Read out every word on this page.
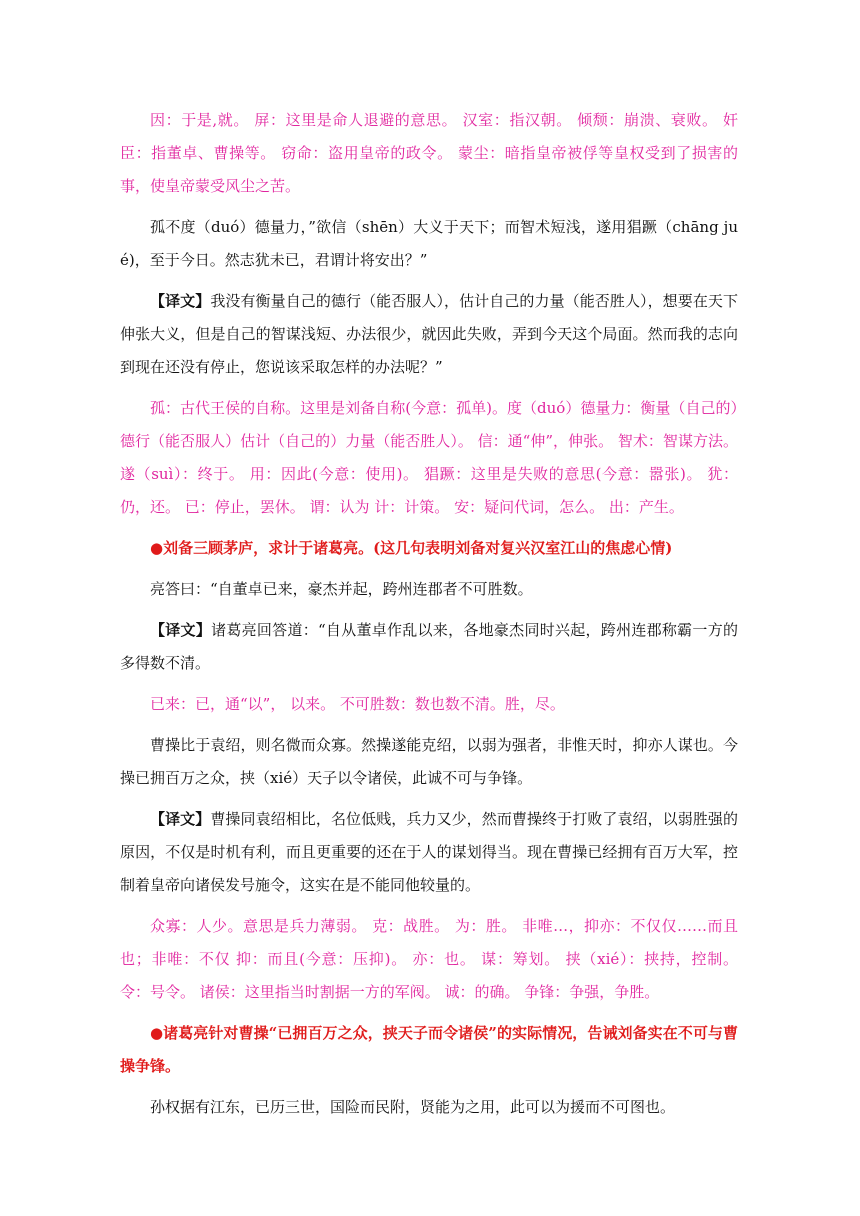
因：于是,就。 屏：这里是命人退避的意思。 汉室：指汉朝。 倾颓：崩溃、衰败。 奸臣：指董卓、曹操等。 窃命：盗用皇帝的政令。 蒙尘：暗指皇帝被俘等皇权受到了损害的事，使皇帝蒙受风尘之苦。

孤不度（duó）德量力，”欲信（shēn）大义于天下；而智术短浅，遂用猖蹶（chāng jué)，至于今日。然志犹未已，君谓计将安出？”

【译文】我没有衡量自己的德行（能否服人），估计自己的力量（能否胜人），想要在天下伸张大义，但是自己的智谋浅短、办法很少，就因此失败，弄到今天这个局面。然而我的志向到现在还没有停止，您说该采取怎样的办法呢？”

孤：古代王侯的自称。这里是刘备自称(今意：孤单)。度（duó）德量力：衡量（自己的）德行（能否服人）估计（自己的）力量（能否胜人）。 信：通“伸”，伸张。 智术：智谋方法。 遂（suì）：终于。 用：因此(今意：使用)。 猖蹶：这里是失败的意思(今意：嚣张)。 犹：仍，还。 已：停止，罢休。 谓：认为 计：计策。 安：疑问代词，怎么。 出：产生。

●刘备三顾茅庐，求计于诸葛亮。(这几句表明刘备对复兴汉室江山的焦虑心情)

亮答曰：“自董卓已来，豪杰并起，跨州连郡者不可胜数。

【译文】诸葛亮回答道：“自从董卓作乱以来，各地豪杰同时兴起，跨州连郡称霸一方的多得数不清。

已来：已，通“以”， 以来。 不可胜数：数也数不清。胜，尽。

曹操比于袁绍，则名微而众寡。然操遂能克绍，以弱为强者，非惟天时，抑亦人谋也。今操已拥百万之众，挟（xié）天子以令诸侯，此诚不可与争锋。

【译文】曹操同袁绍相比，名位低贱，兵力又少，然而曹操终于打败了袁绍，以弱胜强的原因，不仅是时机有利，而且更重要的还在于人的谋划得当。现在曹操已经拥有百万大军，控制着皇帝向诸侯发号施令，这实在是不能同他较量的。

众寡：人少。意思是兵力薄弱。 克：战胜。 为：胜。 非唯…，抑亦：不仅仅……而且也；非唯：不仅 抑：而且(今意：压抑)。 亦：也。 谋：筹划。 挟（xié）：挟持，控制。 令：号令。 诸侯：这里指当时割据一方的军阀。 诚：的确。 争锋：争强，争胜。

●诸葛亮针对曹操“已拥百万之众，挟天子而令诸侯”的实际情况，告诫刘备实在不可与曹操争锋。

孙权据有江东，已历三世，国险而民附，贤能为之用，此可以为援而不可图也。
